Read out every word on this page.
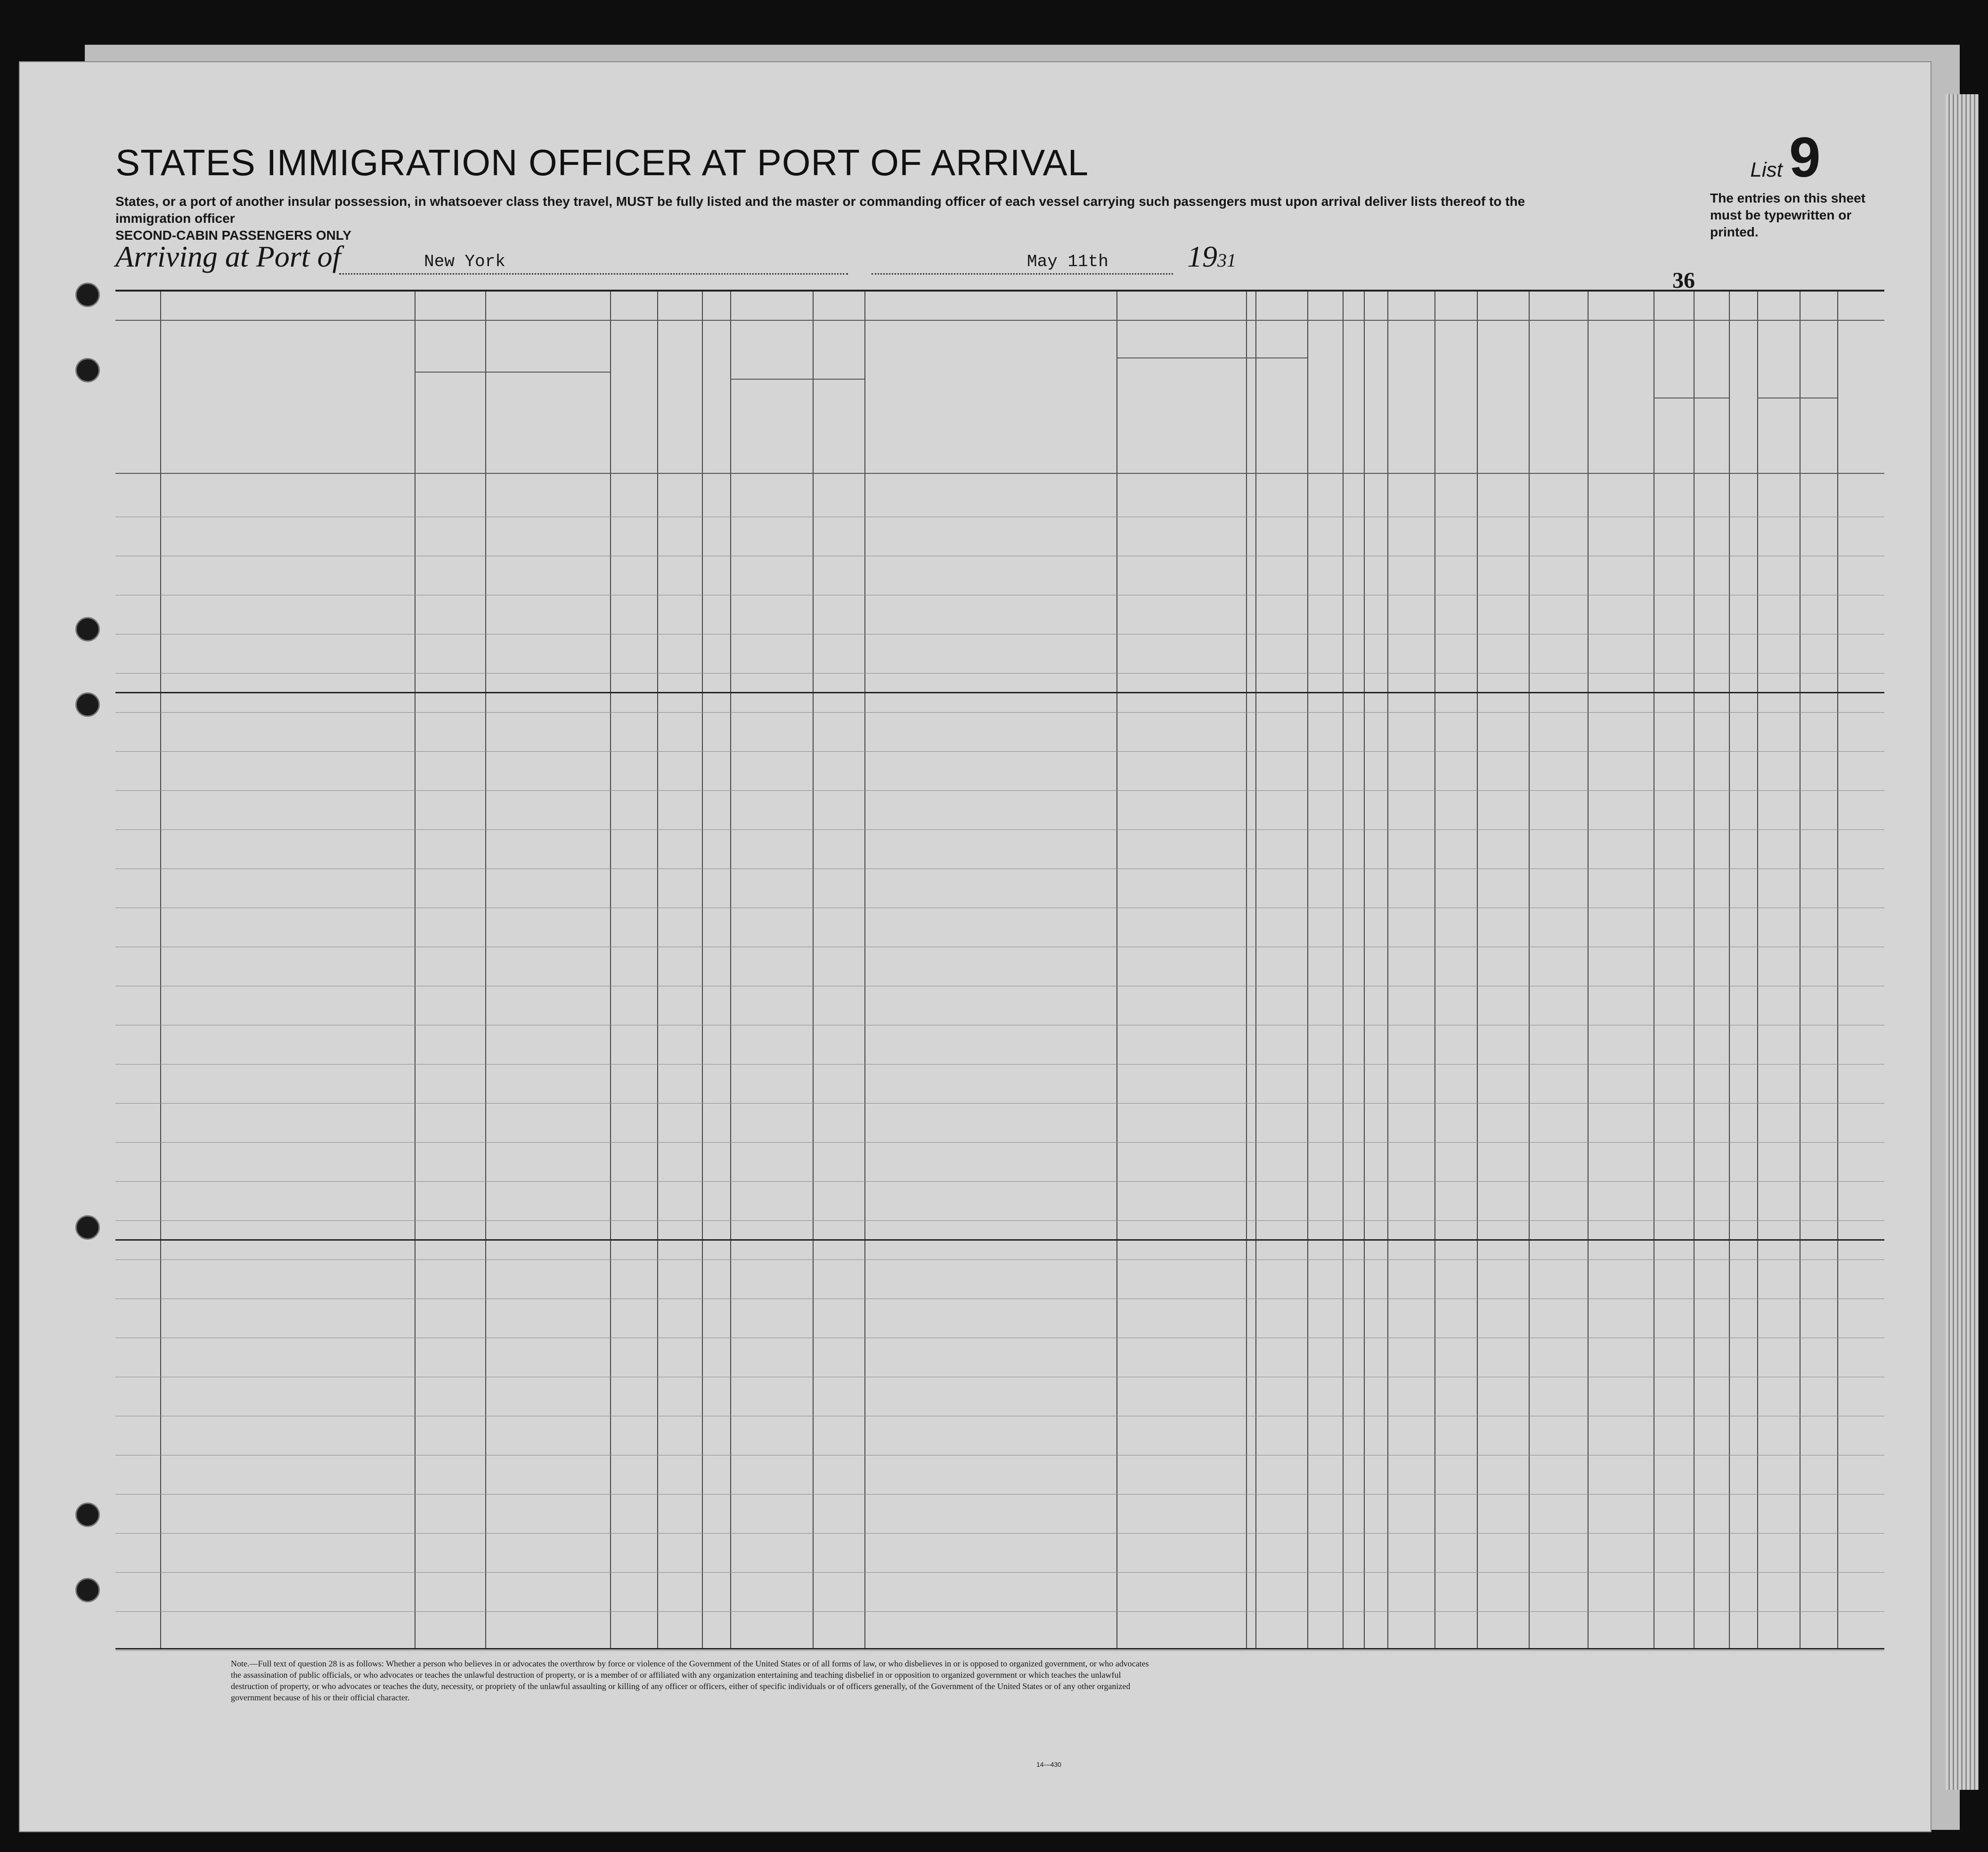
STATES IMMIGRATION OFFICER AT PORT OF ARRIVAL
States, or a port of another insular possession, in whatsoever class they travel, MUST be fully listed and the master or commanding officer of each vessel carrying such passengers must upon arrival deliver lists thereof to the immigration officer
SECOND-CABIN PASSENGERS ONLY
List 9
The entries on this sheet must be typewritten or printed.
Arriving at Port of	New York	May 11th	1931
36
Note.—Full text of question 28 is as follows: Whether a person who believes in or advocates the overthrow by force or violence of the Government of the United States or of all forms of law, or who disbelieves in or is opposed to organized government, or who advocates the assassination of public officials, or who advocates or teaches the unlawful destruction of property, or is a member of or affiliated with any organization entertaining and teaching disbelief in or opposition to organized government or which teaches the unlawful destruction of property, or who advocates or teaches the duty, necessity, or propriety of the unlawful assaulting or killing of any officer or officers, either of specific individuals or of officers generally, of the Government of the United States or of any other organized government because of his or their official character.
14—430
